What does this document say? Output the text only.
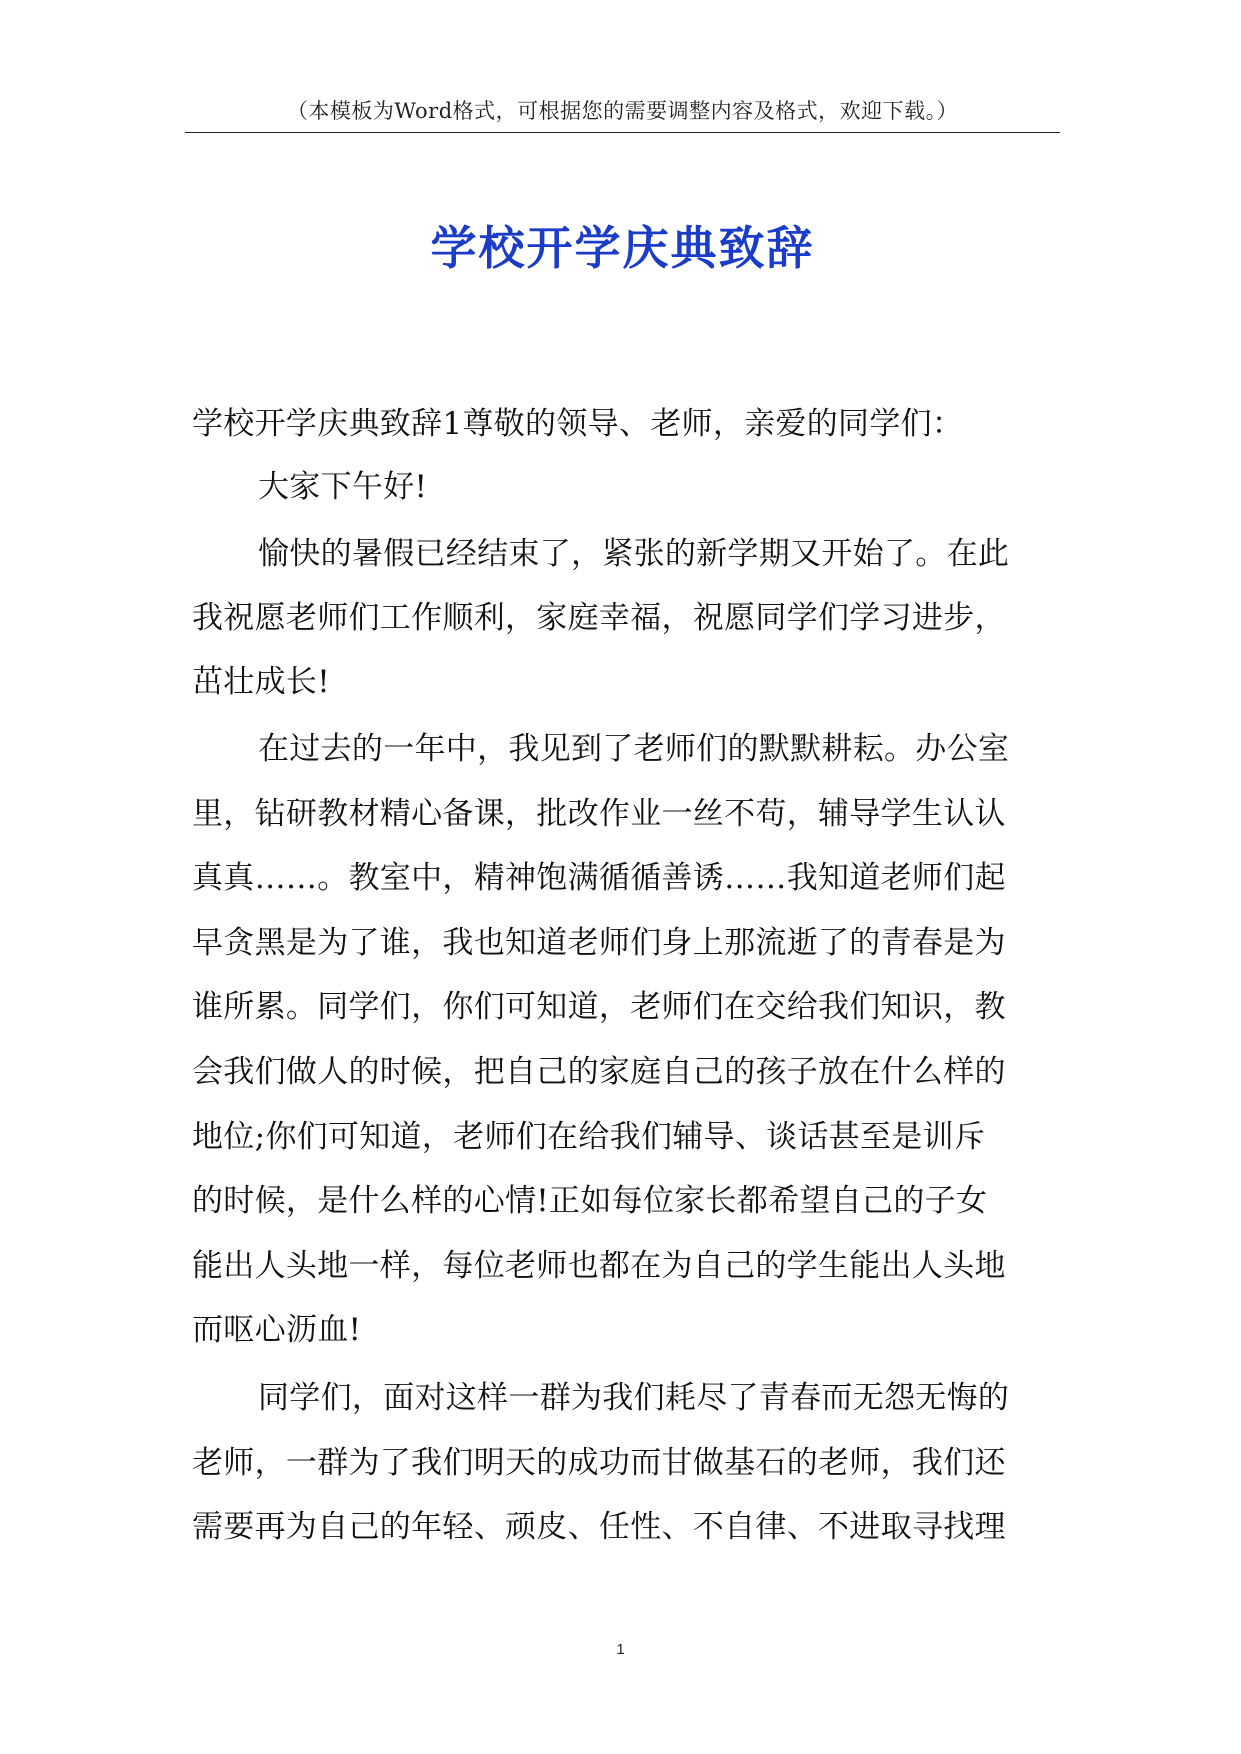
（本模板为Word格式，可根据您的需要调整内容及格式，欢迎下载。）
学校开学庆典致辞
学校开学庆典致辞1尊敬的领导、老师，亲爱的同学们：
大家下午好!
愉快的暑假已经结束了，紧张的新学期又开始了。在此
我祝愿老师们工作顺利，家庭幸福，祝愿同学们学习进步，
茁壮成长!
在过去的一年中，我见到了老师们的默默耕耘。办公室
里，钻研教材精心备课，批改作业一丝不苟，辅导学生认认
真真……。教室中，精神饱满循循善诱……我知道老师们起
早贪黑是为了谁，我也知道老师们身上那流逝了的青春是为
谁所累。同学们，你们可知道，老师们在交给我们知识，教
会我们做人的时候，把自己的家庭自己的孩子放在什么样的
地位;你们可知道，老师们在给我们辅导、谈话甚至是训斥
的时候，是什么样的心情!正如每位家长都希望自己的子女
能出人头地一样，每位老师也都在为自己的学生能出人头地
而呕心沥血!
同学们，面对这样一群为我们耗尽了青春而无怨无悔的
老师，一群为了我们明天的成功而甘做基石的老师，我们还
需要再为自己的年轻、顽皮、任性、不自律、不进取寻找理
1
